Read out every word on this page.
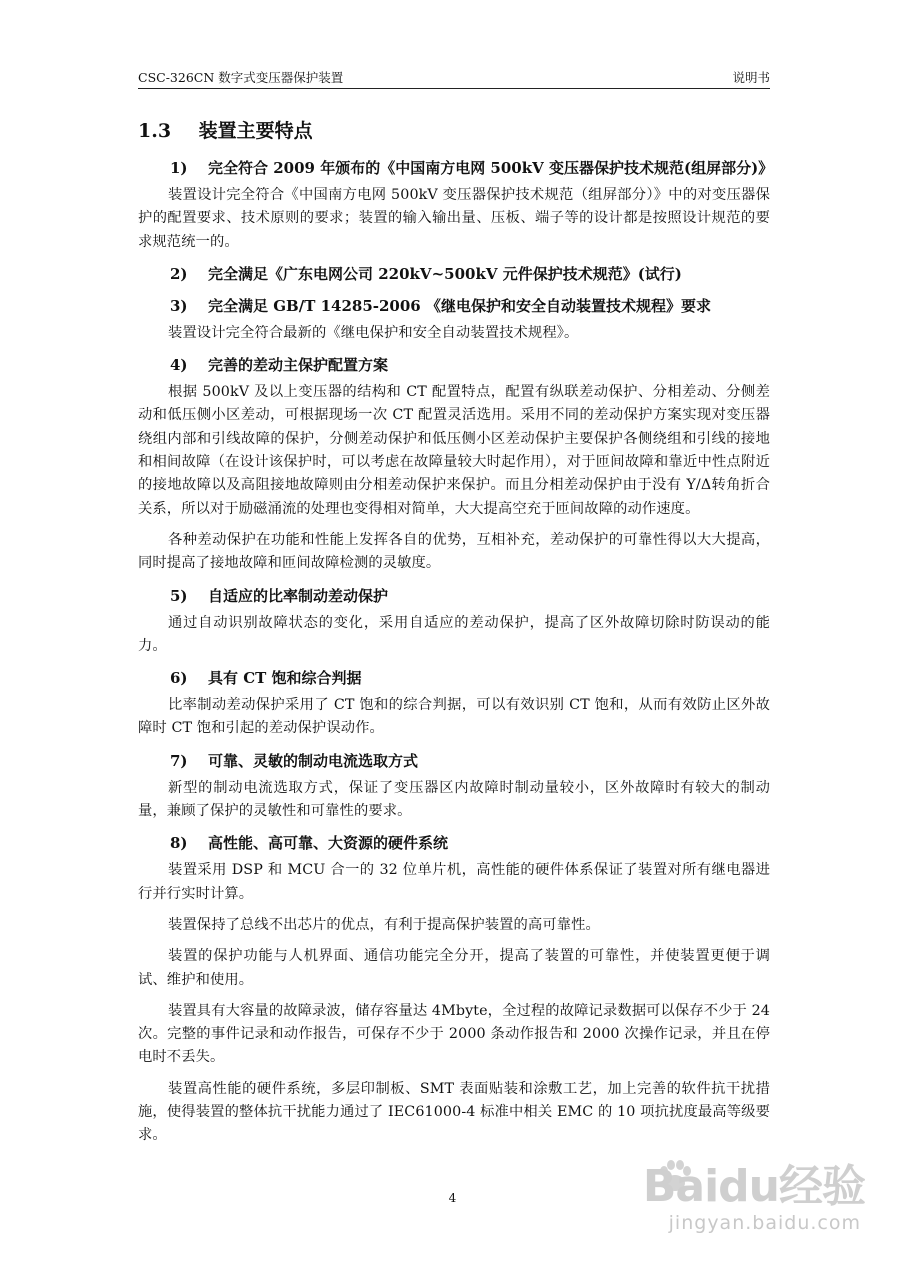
CSC-326CN 数字式变压器保护装置	说明书
1.3 装置主要特点
1) 完全符合 2009 年颁布的《中国南方电网 500kV 变压器保护技术规范(组屏部分)》

装置设计完全符合《中国南方电网 500kV 变压器保护技术规范（组屏部分）》中的对变压器保护的配置要求、技术原则的要求；装置的输入输出量、压板、端子等的设计都是按照设计规范的要求规范统一的。

2) 完全满足《广东电网公司 220kV~500kV 元件保护技术规范》(试行)
3) 完全满足 GB/T 14285-2006 《继电保护和安全自动装置技术规程》要求

装置设计完全符合最新的《继电保护和安全自动装置技术规程》。

4) 完善的差动主保护配置方案

根据 500kV 及以上变压器的结构和 CT 配置特点，配置有纵联差动保护、分相差动、分侧差动和低压侧小区差动，可根据现场一次 CT 配置灵活选用。采用不同的差动保护方案实现对变压器绕组内部和引线故障的保护，分侧差动保护和低压侧小区差动保护主要保护各侧绕组和引线的接地和相间故障（在设计该保护时，可以考虑在故障量较大时起作用），对于匝间故障和靠近中性点附近的接地故障以及高阻接地故障则由分相差动保护来保护。而且分相差动保护由于没有 Y/Δ转角折合关系，所以对于励磁涌流的处理也变得相对简单，大大提高空充于匝间故障的动作速度。

各种差动保护在功能和性能上发挥各自的优势，互相补充，差动保护的可靠性得以大大提高，同时提高了接地故障和匝间故障检测的灵敏度。

5) 自适应的比率制动差动保护

通过自动识别故障状态的变化，采用自适应的差动保护，提高了区外故障切除时防误动的能力。

6) 具有 CT 饱和综合判据

比率制动差动保护采用了 CT 饱和的综合判据，可以有效识别 CT 饱和，从而有效防止区外故障时 CT 饱和引起的差动保护误动作。

7) 可靠、灵敏的制动电流选取方式

新型的制动电流选取方式，保证了变压器区内故障时制动量较小，区外故障时有较大的制动量，兼顾了保护的灵敏性和可靠性的要求。

8) 高性能、高可靠、大资源的硬件系统

装置采用 DSP 和 MCU 合一的 32 位单片机，高性能的硬件体系保证了装置对所有继电器进行并行实时计算。

装置保持了总线不出芯片的优点，有利于提高保护装置的高可靠性。

装置的保护功能与人机界面、通信功能完全分开，提高了装置的可靠性，并使装置更便于调试、维护和使用。

装置具有大容量的故障录波，储存容量达 4Mbyte，全过程的故障记录数据可以保存不少于 24 次。完整的事件记录和动作报告，可保存不少于 2000 条动作报告和 2000 次操作记录，并且在停电时不丢失。

装置高性能的硬件系统，多层印制板、SMT 表面贴装和涂敷工艺，加上完善的软件抗干扰措施，使得装置的整体抗干扰能力通过了 IEC61000-4 标准中相关 EMC 的 10 项抗扰度最高等级要求。

4	Baidu经验
jingyan.baidu.com
